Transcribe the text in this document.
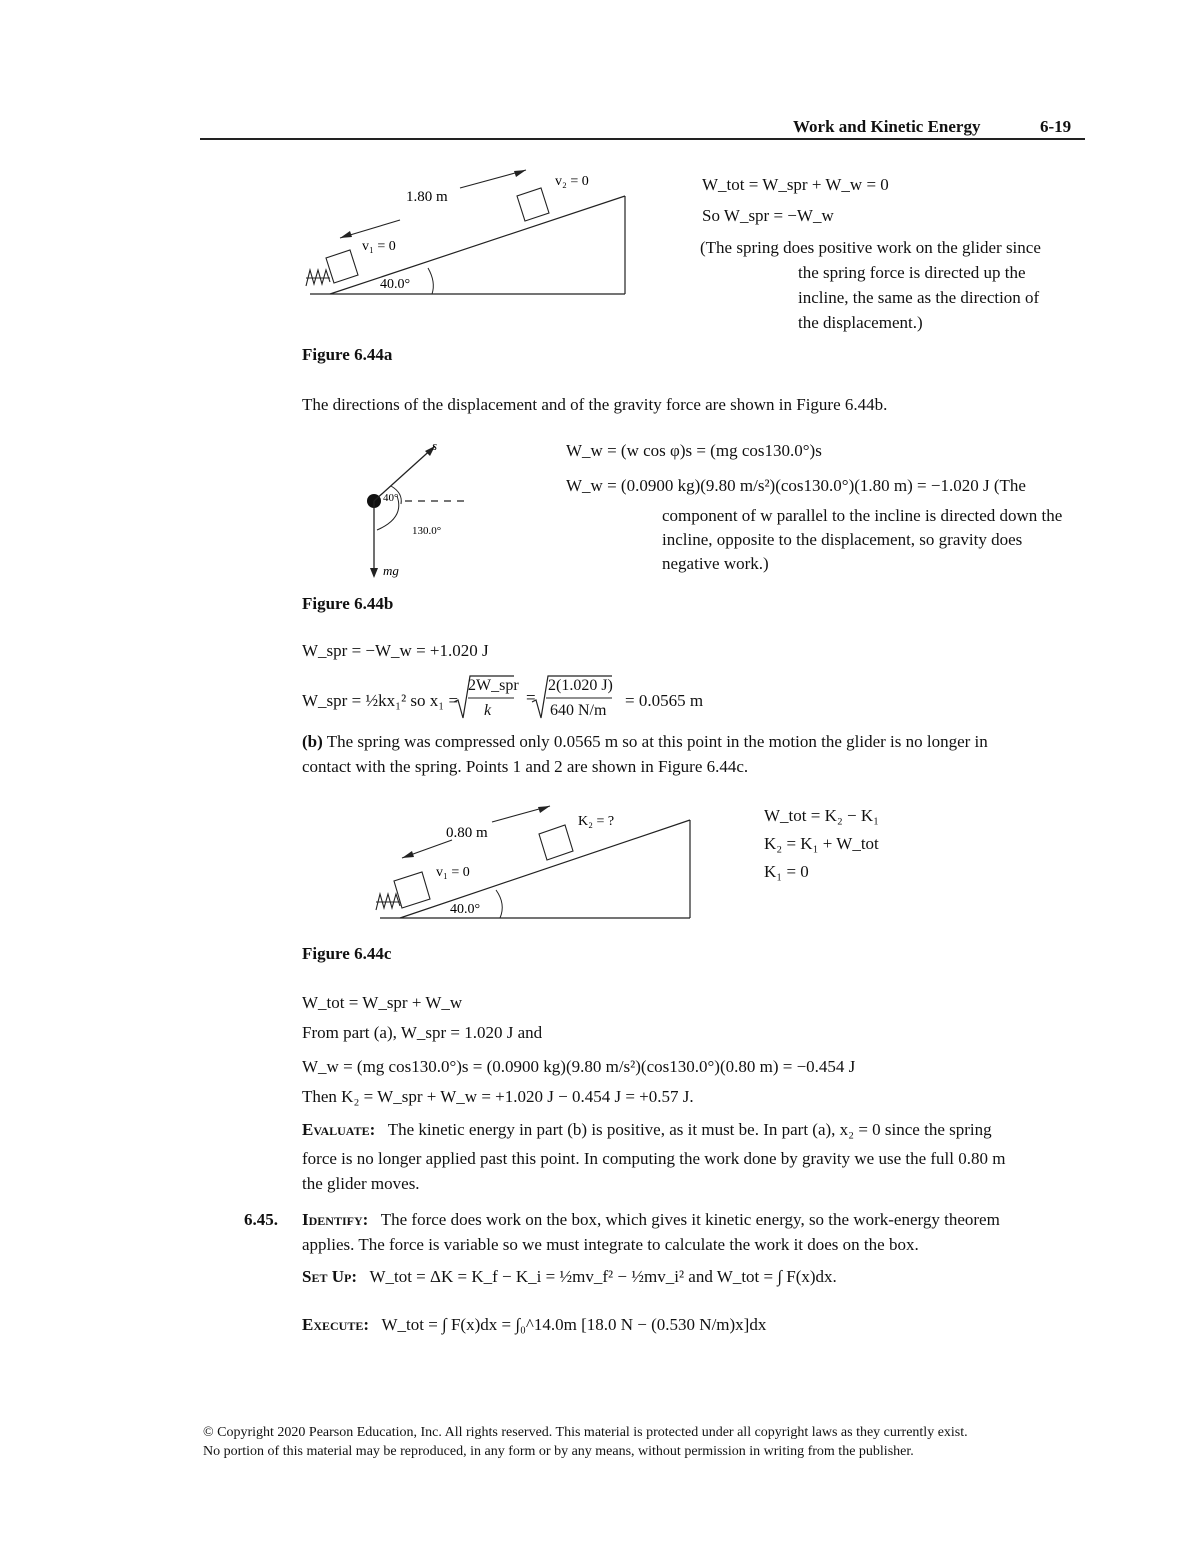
Work and Kinetic Energy	6-19
1.80 m
v₁ = 0
v₂ = 0
40.0°
W_tot = W_spr + W_w = 0
So W_spr = −W_w
(The spring does positive work on the glider since
the spring force is directed up the
incline, the same as the direction of
the displacement.)
Figure 6.44a
The directions of the displacement and of the gravity force are shown in Figure 6.44b.
s
40°
130.0°
mg
W_w = (w cos φ)s = (mg cos130.0°)s
W_w = (0.0900 kg)(9.80 m/s²)(cos130.0°)(1.80 m) = −1.020 J (The
component of w parallel to the incline is directed down the
incline, opposite to the displacement, so gravity does
negative work.)
Figure 6.44b
W_spr = −W_w = +1.020 J
W_spr = ½kx₁² so x₁ =	=
2W_spr
k
2(1.020 J)
640 N/m
= 0.0565 m
(b) The spring was compressed only 0.0565 m so at this point in the motion the glider is no longer in
contact with the spring. Points 1 and 2 are shown in Figure 6.44c.
0.80 m
v₁ = 0
K₂ = ?
40.0°
W_tot = K₂ − K₁
K₂ = K₁ + W_tot
K₁ = 0
Figure 6.44c
W_tot = W_spr + W_w
From part (a), W_spr = 1.020 J and
W_w = (mg cos130.0°)s = (0.0900 kg)(9.80 m/s²)(cos130.0°)(0.80 m) = −0.454 J
Then K₂ = W_spr + W_w = +1.020 J − 0.454 J = +0.57 J.
Evaluate: The kinetic energy in part (b) is positive, as it must be. In part (a), x₂ = 0 since the spring
force is no longer applied past this point. In computing the work done by gravity we use the full 0.80 m
the glider moves.
6.45. Identify: The force does work on the box, which gives it kinetic energy, so the work-energy theorem
applies. The force is variable so we must integrate to calculate the work it does on the box.
Set Up: W_tot = ΔK = K_f − K_i = ½mv_f² − ½mv_i² and W_tot = ∫ F(x)dx.
Execute: W_tot = ∫ F(x)dx = ∫₀^14.0m [18.0 N − (0.530 N/m)x]dx
© Copyright 2020 Pearson Education, Inc. All rights reserved. This material is protected under all copyright laws as they currently exist.
No portion of this material may be reproduced, in any form or by any means, without permission in writing from the publisher.
